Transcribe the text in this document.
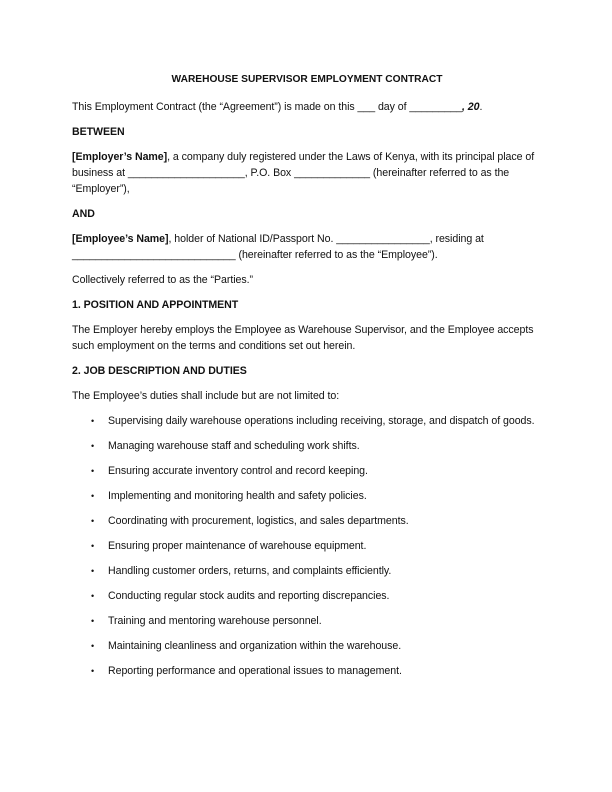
WAREHOUSE SUPERVISOR EMPLOYMENT CONTRACT

This Employment Contract (the “Agreement”) is made on this ___ day of _________, 20.

BETWEEN

[Employer’s Name], a company duly registered under the Laws of Kenya, with its principal place of business at ____________________, P.O. Box _____________ (hereinafter referred to as the “Employer”),

AND

[Employee’s Name], holder of National ID/Passport No. ________________, residing at ____________________________ (hereinafter referred to as the “Employee”).

Collectively referred to as the “Parties.”

1. POSITION AND APPOINTMENT

The Employer hereby employs the Employee as Warehouse Supervisor, and the Employee accepts such employment on the terms and conditions set out herein.

2. JOB DESCRIPTION AND DUTIES

The Employee’s duties shall include but are not limited to:

• Supervising daily warehouse operations including receiving, storage, and dispatch of goods.
• Managing warehouse staff and scheduling work shifts.
• Ensuring accurate inventory control and record keeping.
• Implementing and monitoring health and safety policies.
• Coordinating with procurement, logistics, and sales departments.
• Ensuring proper maintenance of warehouse equipment.
• Handling customer orders, returns, and complaints efficiently.
• Conducting regular stock audits and reporting discrepancies.
• Training and mentoring warehouse personnel.
• Maintaining cleanliness and organization within the warehouse.
• Reporting performance and operational issues to management.
